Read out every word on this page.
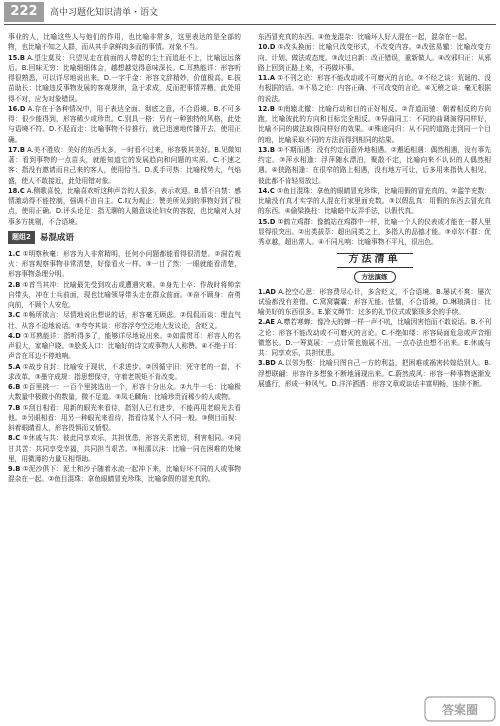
222	高中习题化知识清单・语文

事业的人，比喻这些人与他们的作用，也比喻非常多，这里表达的是全部的物，也比喻不知之人群，而从其手拿鲜肉多而的事情。对象不当。

15.B A.望尘莫及：只望见走在前面的人带起的尘土而追赶不上，比喻远远落后。B.回味无穷：比喻细细体会，越想越觉得意味深长。C.耳熟能详：形容听得很熟悉，可以详尽地说出来。D.一字千金：形容文辞精妙，价值极高。E.拔苗助长：比喻违反事物发展的客观规律，急于求成，反而把事情弄糟，此处用得不对，应为对象错误。

16.D A.存在于各种情况中，用于表达全面、彻底之意，不合语境。B.不可多得：很少能得到，形容稀少或珍贵。C.别具一格：另有一种独特的风格，此处与语境不符。D.不胫而走：比喻事物不待推行，就已迅速地传播开去，使用正确。

17.B A.美不胜收：美好的东西太多，一时看不过来，形容极其美好。B.见微知著：看到事物的一点苗头，就能知道它的发展趋向和问题的实质。C.不速之客：指没有邀请而自己来的客人，使用恰当。D.炙手可热：比喻权势大，气焰盛，使人不敢接近，此处用错对象。

18.C A.侧歌喜悦，比喻喜欢听这种声音的人很多，表示欢迎。B.情不自禁：感情激动得不能控制，强调不由自主。C.叹为观止：赞美所见到的事物好到了极点，使用正确。D.评头论足：指无聊的人随意谈论妇女的容貌，也比喻对人对事多方挑剔，不合语境。

题组2	易混成语

1.C ①明察秋毫：形容为人非常精明，任何小问题都能看得很清楚。②洞若观火：形容观察事物非常清楚，好像看火一样。③一目了然：一眼就能看清楚，形容事物条理分明。

2.B ①首当其冲：比喻最先受到攻击或遭遇灾难。②身先士卒：作战时将帅亲自带头，冲在士兵前面，现也比喻领导带头走在群众前面。③奋不顾身：奋勇向前，不顾个人安危。

3.C ①畅所欲言：尽情地说出想说的话，形容毫无顾虑。②侃侃而谈：理直气壮、从容不迫地说话。③夸夸其谈：形容浮夸空泛地大发议论，含贬义。

4.D ①耳熟能详：指听得多了，能够详尽地说出来。②如雷贯耳：形容人的名声很大，家喻户晓。③脍炙人口：比喻好的诗文或事物人人称赞。④不绝于耳：声音在耳边不停地响。

5.A ①故步自封：比喻安于现状，不求进步。②因循守旧：死守老的一套，不求改革。③墨守成规：指思想保守，守着老规矩不肯改变。

6.B ①百里挑一：一百个里挑选出一个，形容十分出众。②九牛一毛：比喻极大数量中极微小的数量，微不足道。③凤毛麟角：比喻珍贵而稀少的人或物。

7.B ①刮目相看：用新的眼光来看待，指别人已有进步，不能再用老眼光去看他。②另眼相看：用另一种眼光来看待，指看待某个人不同一般。③侧目而视：斜着眼睛看人，形容畏惧而又愤恨。

8.C ①休戚与共：彼此同享欢乐，共担忧患，形容关系密切，利害相同。②同甘共苦：共同享受幸福，共同担当艰苦。③相濡以沫：比喻一同在困难的处境里，用微薄的力量互相帮助。

9.B ①泥沙俱下：泥土和沙子随着水流一起冲下来，比喻好坏不同的人或事物混杂在一起。②鱼目混珠：拿鱼眼睛冒充珍珠，比喻拿假的冒充真的。

东西冒充真的东西。④鱼龙混杂：比喻坏人好人混在一起，混杂在一起。

10.D ①改头换面：比喻只改变形式，不改变内容。②改弦易辙：比喻改变方向、计划、做法或态度。③改过自新：改正错误，重新做人。④改邪归正：从邪路上回到正路上来，不再做坏事。

11.A ①不刊之论：形容不能改动或不可磨灭的言论。②不经之谈：荒诞的、没有根据的话。③不易之论：内容正确、不可改变的言论。④无稽之谈：毫无根据的说法。

12.B ①南辕北辙：比喻行动和目的正好相反。②背道而驰：朝着相反的方向跑，比喻彼此的方向和目标完全相反。③异曲同工：不同的曲调演得同样好，比喻不同的做法取得同样好的效果。④殊途同归：从不同的道路走到同一个目的地，比喻采取不同的方法而得到相同的结果。

13.B ①不期而遇：没有约定而意外地相遇。②邂逅相遇：偶然相遇，没有事先约定。③萍水相逢：浮萍随水漂泊，聚散不定，比喻向来不认识的人偶然相遇。④狭路相逢：在很窄的路上相遇，没有地方可让，后多用来指仇人相见，彼此都不肯轻易放过。

14.C ①鱼目混珠：拿鱼的眼睛冒充珍珠，比喻用假的冒充真的。②滥竽充数：比喻没有真才实学的人混在行家里面充数。③以假乱真：用假的东西去冒充真的东西。④偷梁换柱：比喻暗中玩弄手法，以假代真。

15.D ①鹤立鸡群：像鹤站在鸡群中一样，比喻一个人的仪表或才能在一群人里显得很突出。②出类拔萃：超出同类之上，多指人的品德才能。③卓尔不群：优秀卓越，超出常人。④不同凡响：比喻事物不平凡，很出色。

方法清单
方法演练

1.AD A.挖空心思：形容费尽心计，多含贬义，不合语境。B.屡试不爽：屡次试验都没有差错。C.窝窝囊囊：形容无能、怯懦，不合语境。D.琳琅满目：比喻美好的东西很多。E.繁文缛节：过多的礼节仪式或繁琐多余的手续。

2.AE A.噤若寒蝉：像冷天的蝉一样一声不吭，比喻因害怕而不敢说话。B.不刊之论：形容不能改动或不可磨灭的言论。C.不绝如缕：形容局面危急或声音细微悠长。D.一筹莫展：一点计策也施展不出，一点办法也想不出来。E.休戚与共：同享欢乐，共担忧患。

3.BD A.以邻为壑：比喻只图自己一方的利益，把困难或祸害转嫁给别人。B.浮想联翩：形容许多想象不断地涌现出来。C.蔚然成风：形容一种事物逐渐发展盛行，形成一种风气。D.洋洋洒洒：形容文章或谈话丰富明畅，连续不断。

答案圈
